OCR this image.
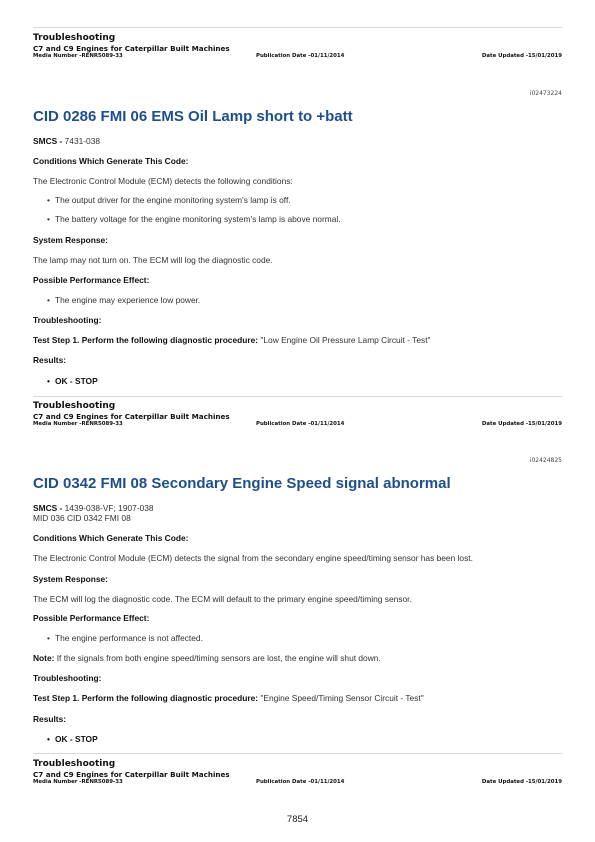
Troubleshooting
C7 and C9 Engines for Caterpillar Built Machines
Media Number -RENR5089-33	Publication Date -01/11/2014	Date Updated -15/01/2019
i02473224
CID 0286 FMI 06 EMS Oil Lamp short to +batt
SMCS - 7431-038
Conditions Which Generate This Code:
The Electronic Control Module (ECM) detects the following conditions:
• The output driver for the engine monitoring system's lamp is off.
• The battery voltage for the engine monitoring system's lamp is above normal.
System Response:
The lamp may not turn on. The ECM will log the diagnostic code.
Possible Performance Effect:
• The engine may experience low power.
Troubleshooting:
Test Step 1. Perform the following diagnostic procedure: "Low Engine Oil Pressure Lamp Circuit - Test"
Results:
• OK - STOP
Troubleshooting
C7 and C9 Engines for Caterpillar Built Machines
Media Number -RENR5089-33	Publication Date -01/11/2014	Date Updated -15/01/2019
i02424825
CID 0342 FMI 08 Secondary Engine Speed signal abnormal
SMCS - 1439-038-VF; 1907-038
MID 036 CID 0342 FMI 08
Conditions Which Generate This Code:
The Electronic Control Module (ECM) detects the signal from the secondary engine speed/timing sensor has been lost.
System Response:
The ECM will log the diagnostic code. The ECM will default to the primary engine speed/timing sensor.
Possible Performance Effect:
• The engine performance is not affected.
Note: If the signals from both engine speed/timing sensors are lost, the engine will shut down.
Troubleshooting:
Test Step 1. Perform the following diagnostic procedure: "Engine Speed/Timing Sensor Circuit - Test"
Results:
• OK - STOP
Troubleshooting
C7 and C9 Engines for Caterpillar Built Machines
Media Number -RENR5089-33	Publication Date -01/11/2014	Date Updated -15/01/2019
7854
